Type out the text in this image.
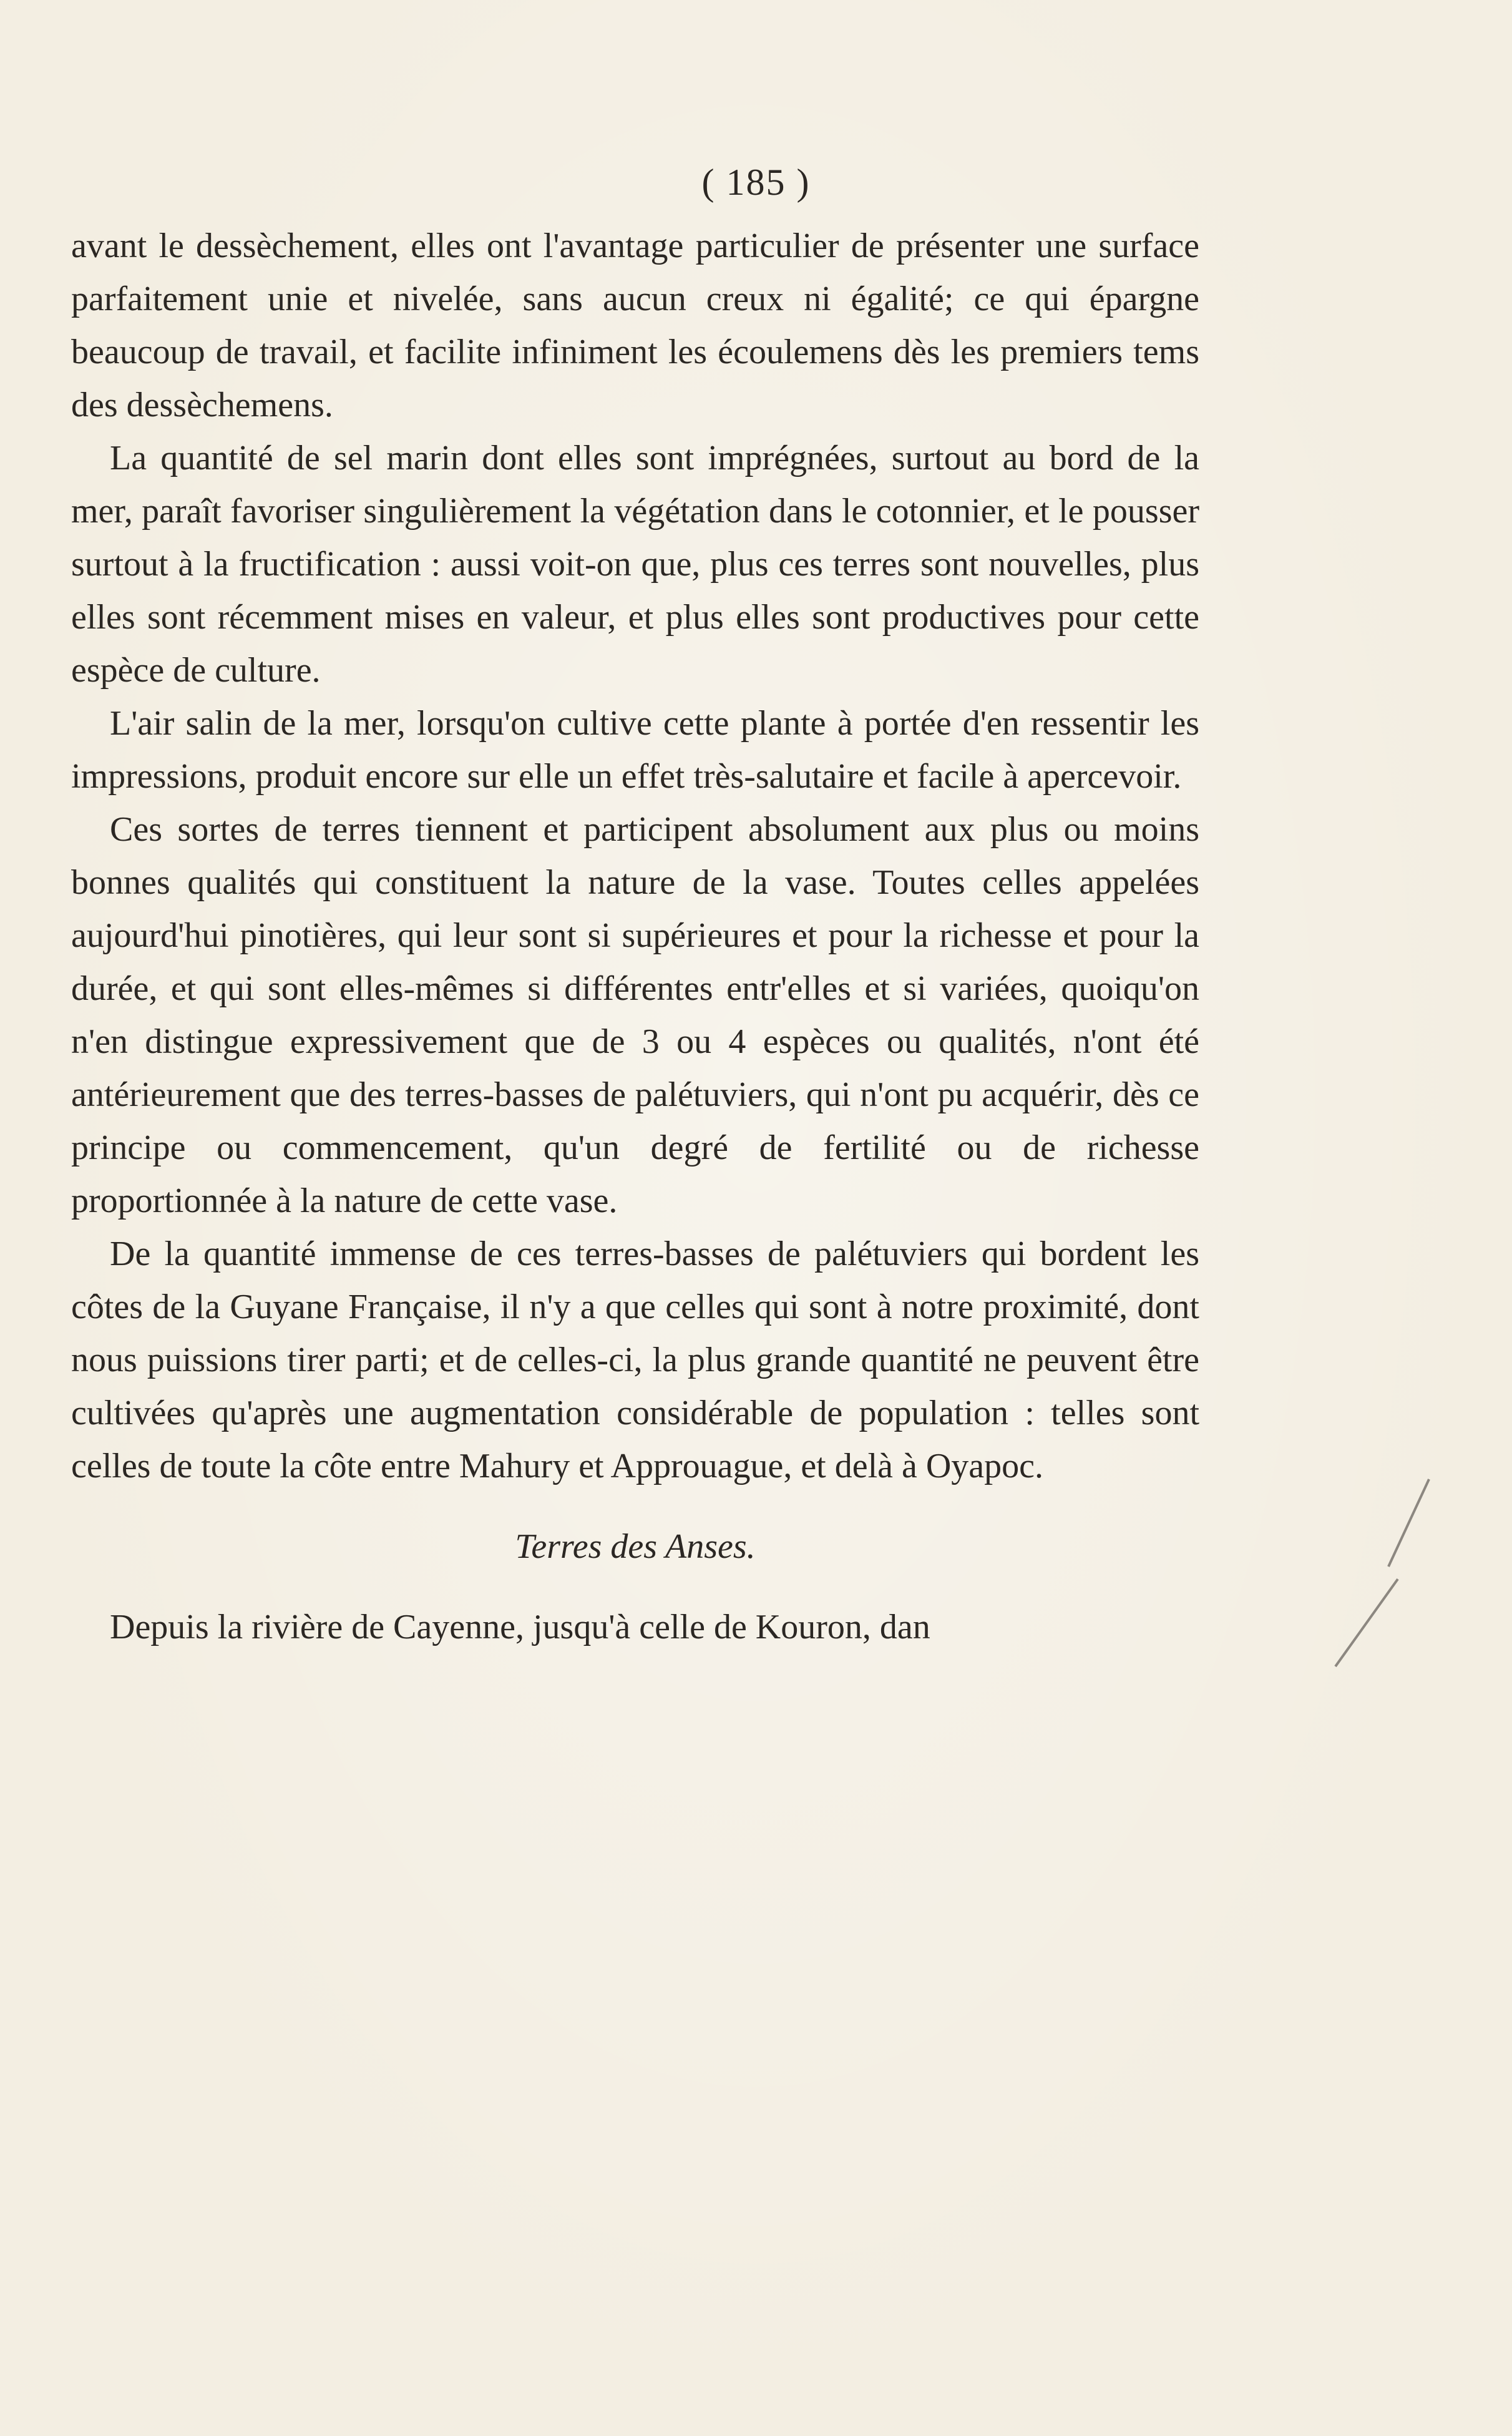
( 185 )

avant le dessèchement, elles ont l'avantage particulier de présenter une surface parfaitement unie et nivelée, sans aucun creux ni égalité; ce qui épargne beaucoup de travail, et facilite infiniment les écoulemens dès les premiers tems des dessèchemens.

La quantité de sel marin dont elles sont imprégnées, surtout au bord de la mer, paraît favoriser singulièrement la végétation dans le cotonnier, et le pousser surtout à la fructification : aussi voit-on que, plus ces terres sont nouvelles, plus elles sont récemment mises en valeur, et plus elles sont productives pour cette espèce de culture.

L'air salin de la mer, lorsqu'on cultive cette plante à portée d'en ressentir les impressions, produit encore sur elle un effet très-salutaire et facile à apercevoir.

Ces sortes de terres tiennent et participent absolument aux plus ou moins bonnes qualités qui constituent la nature de la vase. Toutes celles appelées aujourd'hui pinotières, qui leur sont si supérieures et pour la richesse et pour la durée, et qui sont elles-mêmes si différentes entr'elles et si variées, quoiqu'on n'en distingue expressivement que de 3 ou 4 espèces ou qualités, n'ont été antérieurement que des terres-basses de palétuviers, qui n'ont pu acquérir, dès ce principe ou commencement, qu'un degré de fertilité ou de richesse proportionnée à la nature de cette vase.

De la quantité immense de ces terres-basses de palétuviers qui bordent les côtes de la Guyane Française, il n'y a que celles qui sont à notre proximité, dont nous puissions tirer parti; et de celles-ci, la plus grande quantité ne peuvent être cultivées qu'après une augmentation considérable de population : telles sont celles de toute la côte entre Mahury et Approuague, et delà à Oyapoc.

Terres des Anses.

Depuis la rivière de Cayenne, jusqu'à celle de Kouron, dan
